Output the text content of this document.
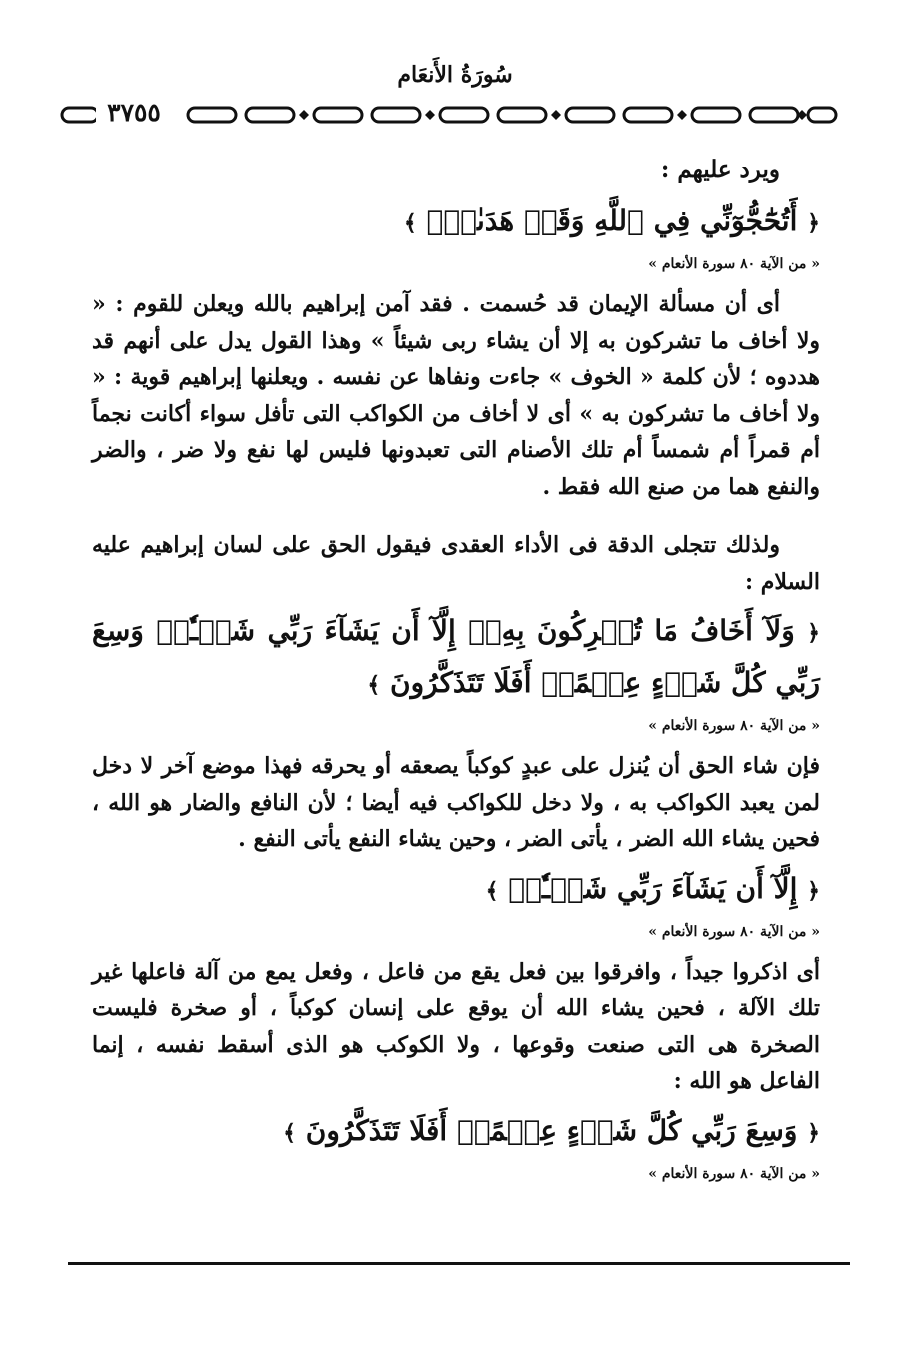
سُورَةُ الأَنعَام
٣٧٥٥

ويرد عليهم :

﴿ أَتُحَٰٓجُّوٓنِّي فِي ٱللَّهِ وَقَدۡ هَدَىٰنِۚ ﴾

« من الآية ٨٠ سورة الأنعام »

أى أن مسألة الإيمان قد حُسمت . فقد آمن إبراهيم بالله ويعلن للقوم : « ولا أخاف ما تشركون به إلا أن يشاء ربى شيئاً » وهذا القول يدل على أنهم قد هددوه ؛ لأن كلمة « الخوف » جاءت ونفاها عن نفسه . ويعلنها إبراهيم قوية : « ولا أخاف ما تشركون به » أى لا أخاف من الكواكب التى تأفل سواء أكانت نجماً أم قمراً أم شمساً أم تلك الأصنام التى تعبدونها فليس لها نفع ولا ضر ، والضر والنفع هما من صنع الله فقط .

ولذلك تتجلى الدقة فى الأداء العقدى فيقول الحق على لسان إبراهيم عليه السلام :

﴿ وَلَآ أَخَافُ مَا تُشۡرِكُونَ بِهِۦٓ إِلَّآ أَن يَشَآءَ رَبِّي شَيۡـٔٗاۗ وَسِعَ رَبِّي كُلَّ شَيۡءٍ عِلۡمًاۚ أَفَلَا تَتَذَكَّرُونَ ﴾

« من الآية ٨٠ سورة الأنعام »

فإن شاء الحق أن يُنزل على عبدٍ كوكباً يصعقه أو يحرقه فهذا موضع آخر لا دخل لمن يعبد الكواكب به ، ولا دخل للكواكب فيه أيضا ؛ لأن النافع والضار هو الله ، فحين يشاء الله الضر ، يأتى الضر ، وحين يشاء النفع يأتى النفع .

﴿ إِلَّآ أَن يَشَآءَ رَبِّي شَيۡـٔٗاۗ ﴾

« من الآية ٨٠ سورة الأنعام »

أى اذكروا جيداً ، وافرقوا بين فعل يقع من فاعل ، وفعل يمع من آلة فاعلها غير تلك الآلة ، فحين يشاء الله أن يوقع على إنسان كوكباً ، أو صخرة فليست الصخرة هى التى صنعت وقوعها ، ولا الكوكب هو الذى أسقط نفسه ، إنما الفاعل هو الله :

﴿ وَسِعَ رَبِّي كُلَّ شَيۡءٍ عِلۡمًاۚ أَفَلَا تَتَذَكَّرُونَ ﴾

« من الآية ٨٠ سورة الأنعام »
